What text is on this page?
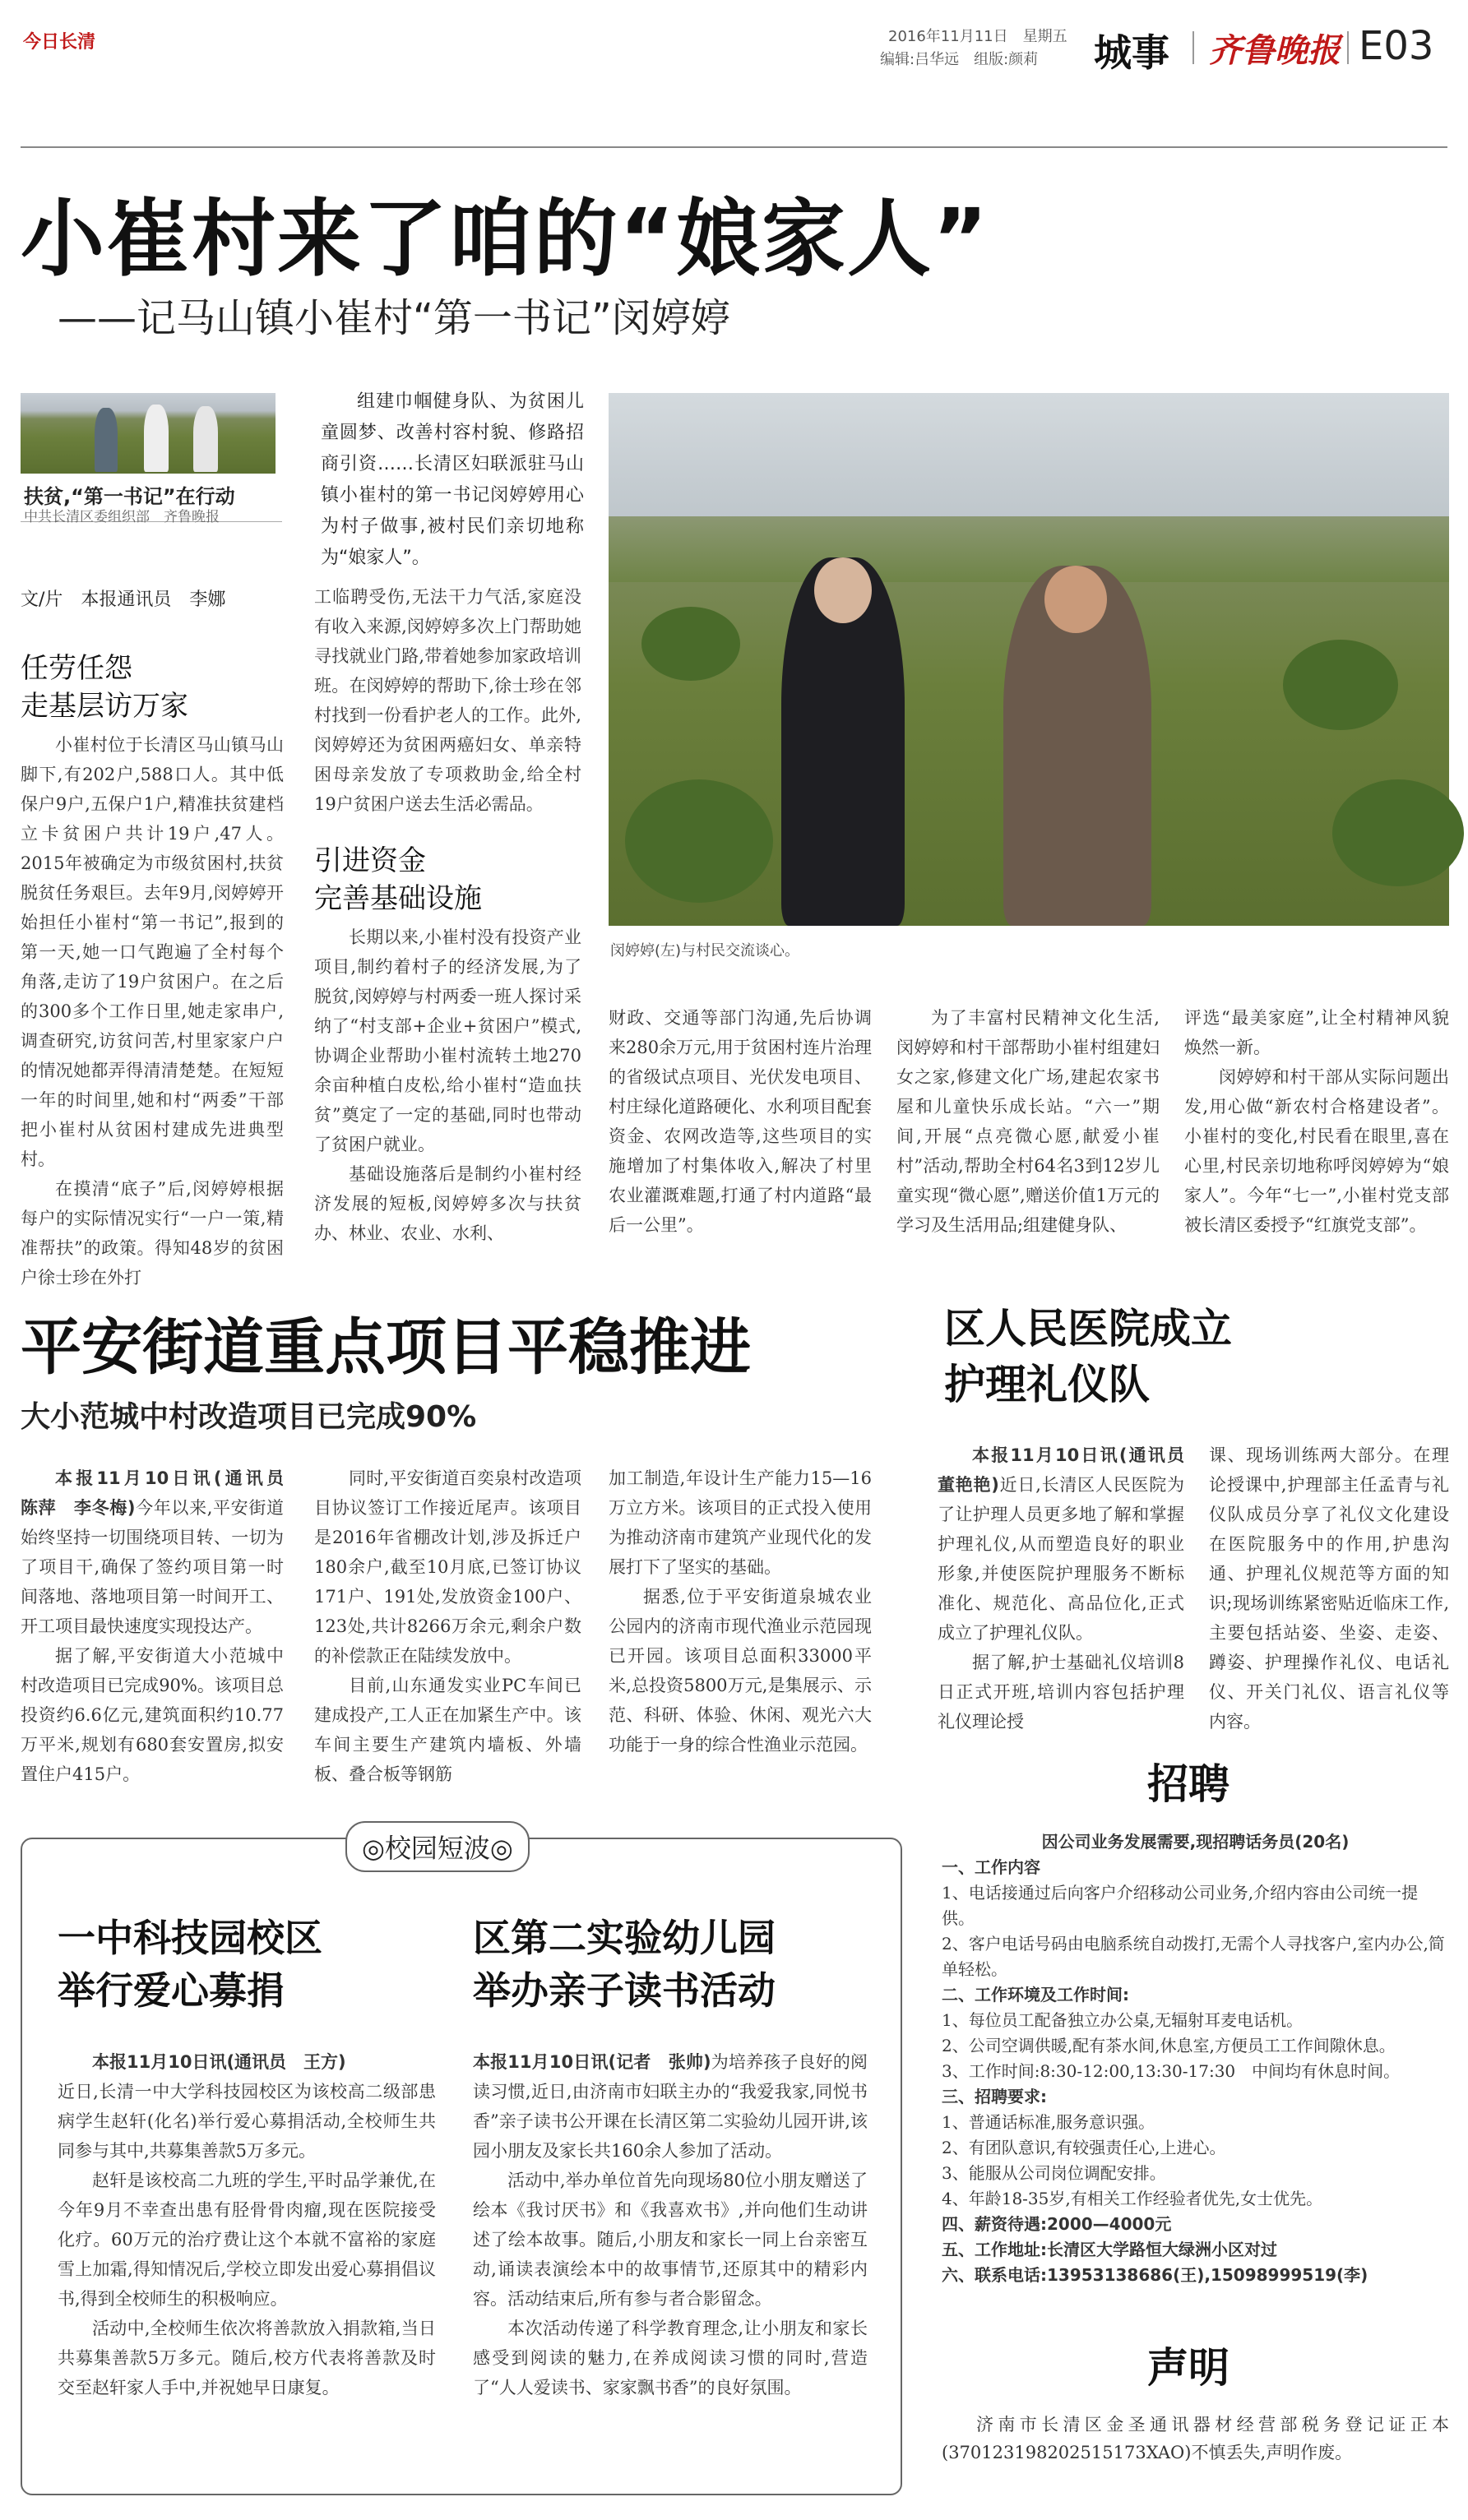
今日长清	2016年11月11日　 星期五
编辑:吕华远　组版:颜莉 城事 齐鲁晚报 E03
小崔村来了咱的“娘家人”
——记马山镇小崔村“第一书记”闵婷婷
扶贫,“第一书记”在行动
中共长清区委组织部　齐鲁晚报
组建巾帼健身队、为贫困儿童圆梦、改善村容村貌、修路招商引资……长清区妇联派驻马山镇小崔村的第一书记闵婷婷用心为村子做事,被村民们亲切地称为“娘家人”。
闵婷婷(左)与村民交流谈心。
文/片　本报通讯员　李娜
任劳任怨
走基层访万家

小崔村位于长清区马山镇马山脚下,有202户,588口人。其中低保户9户,五保户1户,精准扶贫建档立卡贫困户共计19户,47人。2015年被确定为市级贫困村,扶贫脱贫任务艰巨。去年9月,闵婷婷开始担任小崔村“第一书记”,报到的第一天,她一口气跑遍了全村每个角落,走访了19户贫困户。在之后的300多个工作日里,她走家串户,调查研究,访贫问苦,村里家家户户的情况她都弄得清清楚楚。在短短一年的时间里,她和村“两委”干部把小崔村从贫困村建成先进典型村。

在摸清“底子”后,闵婷婷根据每户的实际情况实行“一户一策,精准帮扶”的政策。得知48岁的贫困户徐士珍在外打

工临聘受伤,无法干力气活,家庭没有收入来源,闵婷婷多次上门帮助她寻找就业门路,带着她参加家政培训班。在闵婷婷的帮助下,徐士珍在邻村找到一份看护老人的工作。此外,闵婷婷还为贫困两癌妇女、单亲特困母亲发放了专项救助金,给全村19户贫困户送去生活必需品。

引进资金
完善基础设施

长期以来,小崔村没有投资产业项目,制约着村子的经济发展,为了脱贫,闵婷婷与村两委一班人探讨采纳了“村支部+企业+贫困户”模式,协调企业帮助小崔村流转土地270余亩种植白皮松,给小崔村“造血扶贫”奠定了一定的基础,同时也带动了贫困户就业。

基础设施落后是制约小崔村经济发展的短板,闵婷婷多次与扶贫办、林业、农业、水利、

财政、交通等部门沟通,先后协调来280余万元,用于贫困村连片治理的省级试点项目、光伏发电项目、村庄绿化道路硬化、水利项目配套资金、农网改造等,这些项目的实施增加了村集体收入,解决了村里农业灌溉难题,打通了村内道路“最后一公里”。

为了丰富村民精神文化生活,闵婷婷和村干部帮助小崔村组建妇女之家,修建文化广场,建起农家书屋和儿童快乐成长站。“六一”期间,开展“点亮微心愿,献爱小崔村”活动,帮助全村64名3到12岁儿童实现“微心愿”,赠送价值1万元的学习及生活用品;组建健身队、

评选“最美家庭”,让全村精神风貌焕然一新。

闵婷婷和村干部从实际问题出发,用心做“新农村合格建设者”。小崔村的变化,村民看在眼里,喜在心里,村民亲切地称呼闵婷婷为“娘家人”。今年“七一”,小崔村党支部被长清区委授予“红旗党支部”。

平安街道重点项目平稳推进
大小范城中村改造项目已完成90%

本报11月10日讯(通讯员　陈萍　李冬梅)今年以来,平安街道始终坚持一切围绕项目转、一切为了项目干,确保了签约项目第一时间落地、落地项目第一时间开工、开工项目最快速度实现投达产。

据了解,平安街道大小范城中村改造项目已完成90%。该项目总投资约6.6亿元,建筑面积约10.77万平米,规划有680套安置房,拟安置住户415户。

同时,平安街道百奕泉村改造项目协议签订工作接近尾声。该项目是2016年省棚改计划,涉及拆迁户180余户,截至10月底,已签订协议171户、191处,发放资金100户、123处,共计8266万余元,剩余户数的补偿款正在陆续发放中。

目前,山东通发实业PC车间已建成投产,工人正在加紧生产中。该车间主要生产建筑内墙板、外墙板、叠合板等钢筋

加工制造,年设计生产能力15—16万立方米。该项目的正式投入使用为推动济南市建筑产业现代化的发展打下了坚实的基础。

据悉,位于平安街道泉城农业公园内的济南市现代渔业示范园现已开园。该项目总面积33000平米,总投资5800万元,是集展示、示范、科研、体验、休闲、观光六大功能于一身的综合性渔业示范园。

区人民医院成立
护理礼仪队

本报11月10日讯(通讯员　董艳艳)近日,长清区人民医院为了让护理人员更多地了解和掌握护理礼仪,从而塑造良好的职业形象,并使医院护理服务不断标准化、规范化、高品位化,正式成立了护理礼仪队。

据了解,护士基础礼仪培训8日正式开班,培训内容包括护理礼仪理论授

课、现场训练两大部分。在理论授课中,护理部主任孟青与礼仪队成员分享了礼仪文化建设在医院服务中的作用,护患沟通、护理礼仪规范等方面的知识;现场训练紧密贴近临床工作,主要包括站姿、坐姿、走姿、蹲姿、护理操作礼仪、电话礼仪、开关门礼仪、语言礼仪等内容。

◎校园短波◎
一中科技园校区
举行爱心募捐

本报11月10日讯(通讯员　王方)

近日,长清一中大学科技园校区为该校高二级部患病学生赵轩(化名)举行爱心募捐活动,全校师生共同参与其中,共募集善款5万多元。

赵轩是该校高二九班的学生,平时品学兼优,在今年9月不幸查出患有胫骨骨肉瘤,现在医院接受化疗。60万元的治疗费让这个本就不富裕的家庭雪上加霜,得知情况后,学校立即发出爱心募捐倡议书,得到全校师生的积极响应。

活动中,全校师生依次将善款放入捐款箱,当日共募集善款5万多元。随后,校方代表将善款及时交至赵轩家人手中,并祝她早日康复。

区第二实验幼儿园
举办亲子读书活动

本报11月10日讯(记者　张帅)为培养孩子良好的阅读习惯,近日,由济南市妇联主办的“我爱我家,同悦书香”亲子读书公开课在长清区第二实验幼儿园开讲,该园小朋友及家长共160余人参加了活动。

活动中,举办单位首先向现场80位小朋友赠送了绘本《我讨厌书》和《我喜欢书》,并向他们生动讲述了绘本故事。随后,小朋友和家长一同上台亲密互动,诵读表演绘本中的故事情节,还原其中的精彩内容。活动结束后,所有参与者合影留念。

本次活动传递了科学教育理念,让小朋友和家长感受到阅读的魅力,在养成阅读习惯的同时,营造了“人人爱读书、家家飘书香”的良好氛围。

招聘
因公司业务发展需要,现招聘话务员(20名)
一、工作内容
1、电话接通过后向客户介绍移动公司业务,介绍内容由公司统一提供。
2、客户电话号码由电脑系统自动拨打,无需个人寻找客户,室内办公,简单轻松。
二、工作环境及工作时间:
1、每位员工配备独立办公桌,无辐射耳麦电话机。
2、公司空调供暖,配有茶水间,休息室,方便员工工作间隙休息。
3、工作时间:8:30-12:00,13:30-17:30　中间均有休息时间。
三、招聘要求:
1、普通话标准,服务意识强。
2、有团队意识,有较强责任心,上进心。
3、能服从公司岗位调配安排。
4、年龄18-35岁,有相关工作经验者优先,女士优先。
四、薪资待遇:2000—4000元
五、工作地址:长清区大学路恒大绿洲小区对过
六、联系电话:13953138686(王),15098999519(李)
声明
济南市长清区金圣通讯器材经营部税务登记证正本(370123198202515173XAO)不慎丢失,声明作废。
